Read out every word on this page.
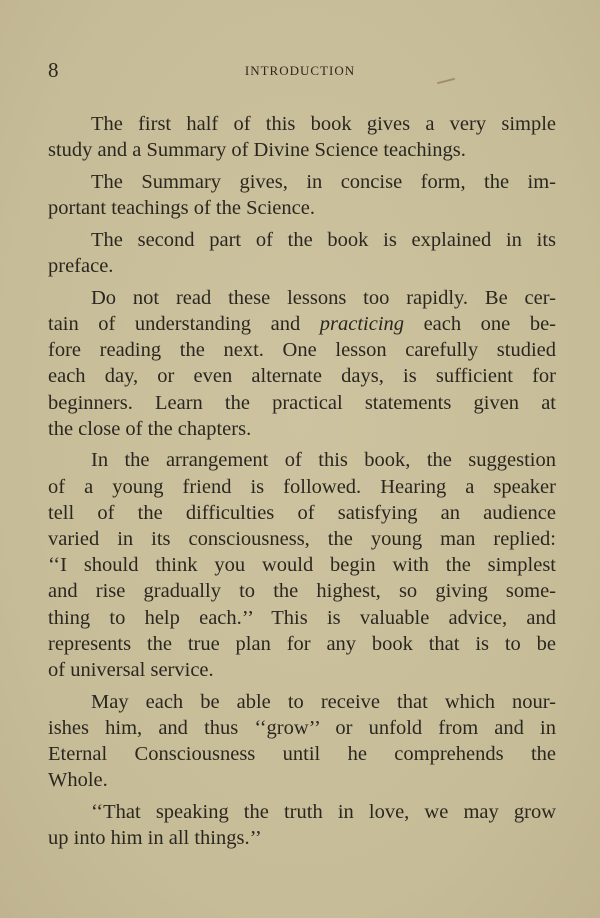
8	INTRODUCTION
The first half of this book gives a very simple
study and a Summary of Divine Science teachings.
The Summary gives, in concise form, the im-
portant teachings of the Science.
The second part of the book is explained in its
preface.
Do not read these lessons too rapidly. Be cer-
tain of understanding and practicing each one be-
fore reading the next. One lesson carefully studied
each day, or even alternate days, is sufficient for
beginners. Learn the practical statements given at
the close of the chapters.
In the arrangement of this book, the suggestion
of a young friend is followed. Hearing a speaker
tell of the difficulties of satisfying an audience
varied in its consciousness, the young man replied:
‘‘I should think you would begin with the simplest
and rise gradually to the highest, so giving some-
thing to help each.’’ This is valuable advice, and
represents the true plan for any book that is to be
of universal service.
May each be able to receive that which nour-
ishes him, and thus ‘‘grow’’ or unfold from and in
Eternal Consciousness until he comprehends the
Whole.
‘‘That speaking the truth in love, we may grow
up into him in all things.’’
